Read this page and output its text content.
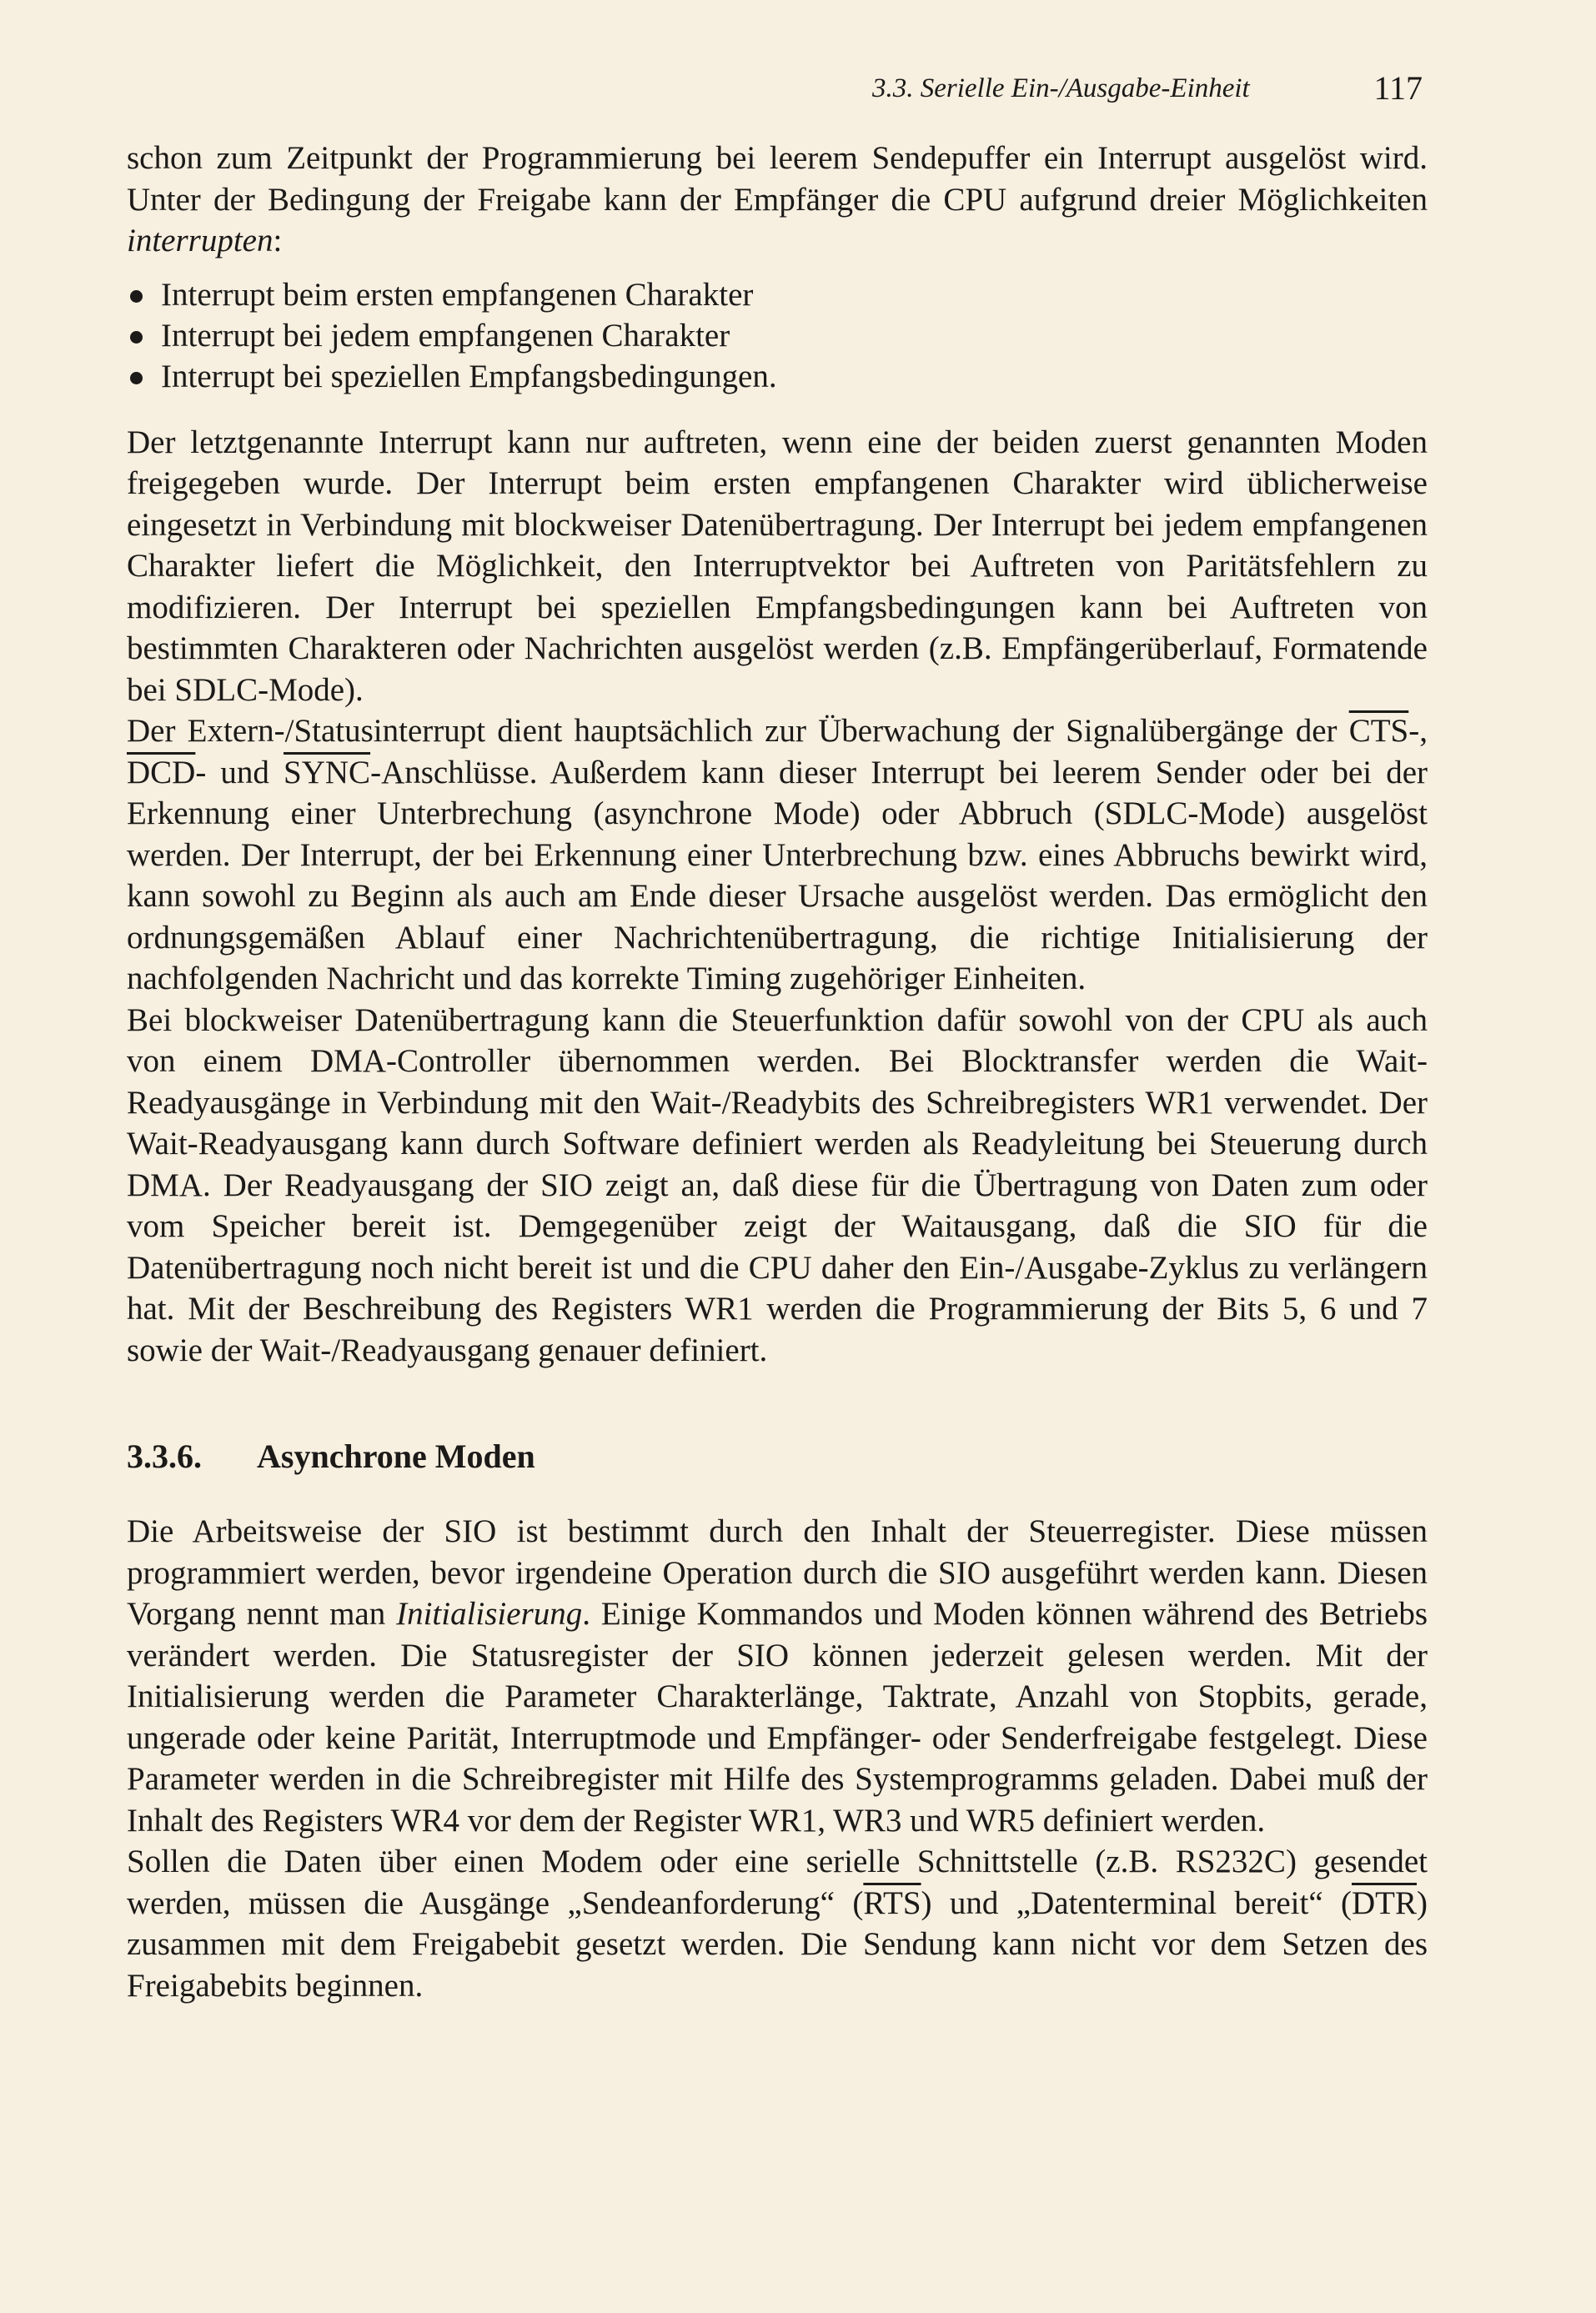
3.3. Serielle Ein-/Ausgabe-Einheit	117

schon zum Zeitpunkt der Programmierung bei leerem Sendepuffer ein Interrupt ausgelöst wird. Unter der Bedingung der Freigabe kann der Empfänger die CPU aufgrund dreier Möglichkeiten interrupten:

Interrupt beim ersten empfangenen Charakter
Interrupt bei jedem empfangenen Charakter
Interrupt bei speziellen Empfangsbedingungen.

Der letztgenannte Interrupt kann nur auftreten, wenn eine der beiden zuerst genannten Moden freigegeben wurde. Der Interrupt beim ersten empfangenen Charakter wird üblicherweise eingesetzt in Verbindung mit blockweiser Datenübertragung. Der Interrupt bei jedem empfangenen Charakter liefert die Möglichkeit, den Interruptvektor bei Auftreten von Paritätsfehlern zu modifizieren. Der Interrupt bei speziellen Empfangsbedingungen kann bei Auftreten von bestimmten Charakteren oder Nachrichten ausgelöst werden (z.B. Empfängerüberlauf, Formatende bei SDLC-Mode).

Der Extern-/Statusinterrupt dient hauptsächlich zur Überwachung der Signalübergänge der $\overline{CTS}-$, $\overline{DCD}-$ und SYNC-Anschlüsse. Außerdem kann dieser Interrupt bei leerem Sender oder bei der Erkennung einer Unterbrechung (asynchrone Mode) oder Abbruch (SDLC-Mode) ausgelöst werden. Der Interrupt, der bei Erkennung einer Unterbrechung bzw. eines Abbruchs bewirkt wird, kann sowohl zu Beginn als auch am Ende dieser Ursache ausgelöst werden. Das ermöglicht den ordnungsgemäßen Ablauf einer Nachrichtenübertragung, die richtige Initialisierung der nachfolgenden Nachricht und das korrekte Timing zugehöriger Einheiten.

Bei blockweiser Datenübertragung kann die Steuerfunktion dafür sowohl von der CPU als auch von einem DMA-Controller übernommen werden. Bei Blocktransfer werden die Wait-Readyausgänge in Verbindung mit den Wait-/Readybits des Schreibregisters WR1 verwendet. Der Wait-Readyausgang kann durch Software definiert werden als Readyleitung bei Steuerung durch DMA. Der Readyausgang der SIO zeigt an, daß diese für die Übertragung von Daten zum oder vom Speicher bereit ist. Demgegenüber zeigt der Waitausgang, daß die SIO für die Datenübertragung noch nicht bereit ist und die CPU daher den Ein-/Ausgabe-Zyklus zu verlängern hat. Mit der Beschreibung des Registers WR1 werden die Programmierung der Bits 5, 6 und 7 sowie der Wait-/Readyausgang genauer definiert.

3.3.6. Asynchrone Moden

Die Arbeitsweise der SIO ist bestimmt durch den Inhalt der Steuerregister. Diese müssen programmiert werden, bevor irgendeine Operation durch die SIO ausgeführt werden kann. Diesen Vorgang nennt man Initialisierung. Einige Kommandos und Moden können während des Betriebs verändert werden. Die Statusregister der SIO können jederzeit gelesen werden. Mit der Initialisierung werden die Parameter Charakterlänge, Taktrate, Anzahl von Stopbits, gerade, ungerade oder keine Parität, Interruptmode und Empfänger- oder Senderfreigabe festgelegt. Diese Parameter werden in die Schreibregister mit Hilfe des Systemprogramms geladen. Dabei muß der Inhalt des Registers WR4 vor dem der Register WR1, WR3 und WR5 definiert werden.

Sollen die Daten über einen Modem oder eine serielle Schnittstelle (z.B. RS232C) gesendet werden, müssen die Ausgänge „Sendeanforderung“ $(\overline{RTS})$ und „Datenterminal bereit“ $(\overline{DTR})$ zusammen mit dem Freigabebit gesetzt werden. Die Sendung kann nicht vor dem Setzen des Freigabebits beginnen.
